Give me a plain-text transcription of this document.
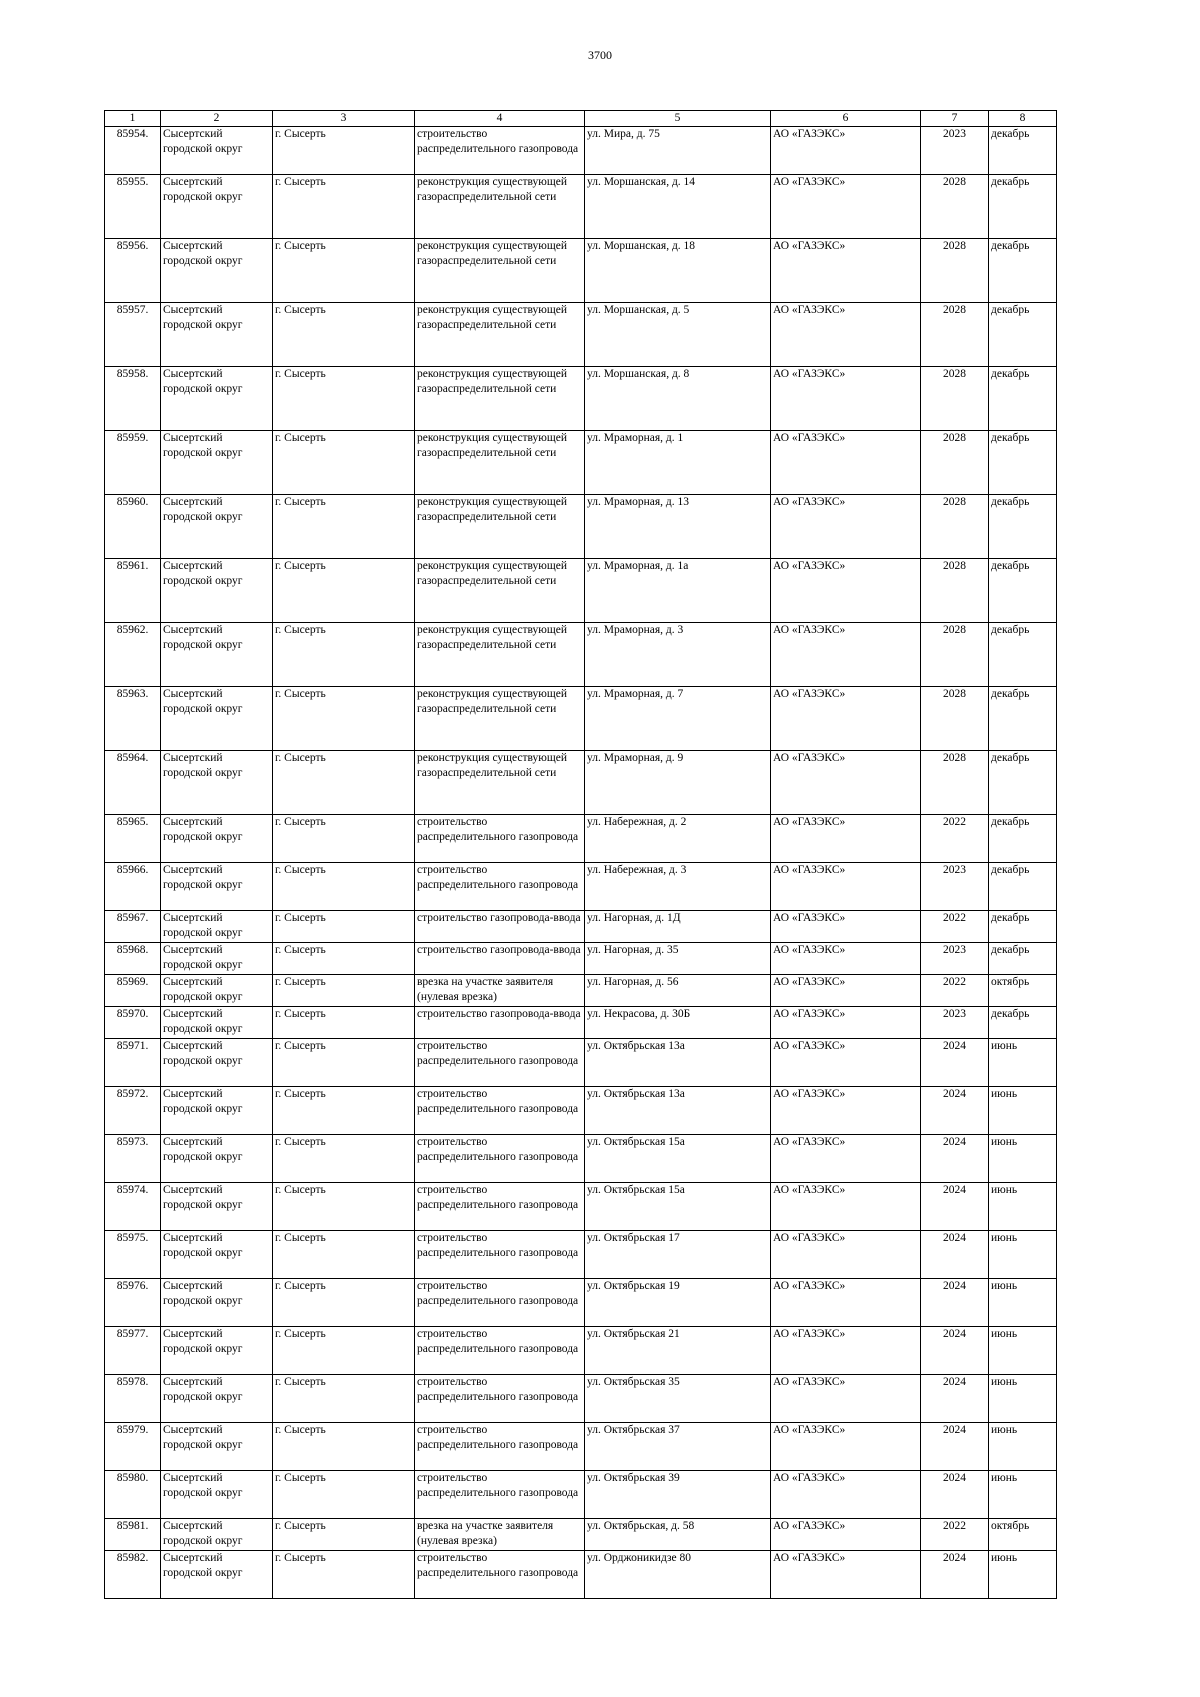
3700
1	2	3	4	5	6	7	8
85954.	Сысертский городской округ	г. Сысерть	строительство распределительного газопровода	ул. Мира, д. 75	АО «ГАЗЭКС»	2023	декабрь
85955.	Сысертский городской округ	г. Сысерть	реконструкция существующей газораспределительной сети	ул. Моршанская, д. 14	АО «ГАЗЭКС»	2028	декабрь
85956.	Сысертский городской округ	г. Сысерть	реконструкция существующей газораспределительной сети	ул. Моршанская, д. 18	АО «ГАЗЭКС»	2028	декабрь
85957.	Сысертский городской округ	г. Сысерть	реконструкция существующей газораспределительной сети	ул. Моршанская, д. 5	АО «ГАЗЭКС»	2028	декабрь
85958.	Сысертский городской округ	г. Сысерть	реконструкция существующей газораспределительной сети	ул. Моршанская, д. 8	АО «ГАЗЭКС»	2028	декабрь
85959.	Сысертский городской округ	г. Сысерть	реконструкция существующей газораспределительной сети	ул. Мраморная, д. 1	АО «ГАЗЭКС»	2028	декабрь
85960.	Сысертский городской округ	г. Сысерть	реконструкция существующей газораспределительной сети	ул. Мраморная, д. 13	АО «ГАЗЭКС»	2028	декабрь
85961.	Сысертский городской округ	г. Сысерть	реконструкция существующей газораспределительной сети	ул. Мраморная, д. 1а	АО «ГАЗЭКС»	2028	декабрь
85962.	Сысертский городской округ	г. Сысерть	реконструкция существующей газораспределительной сети	ул. Мраморная, д. 3	АО «ГАЗЭКС»	2028	декабрь
85963.	Сысертский городской округ	г. Сысерть	реконструкция существующей газораспределительной сети	ул. Мраморная, д. 7	АО «ГАЗЭКС»	2028	декабрь
85964.	Сысертский городской округ	г. Сысерть	реконструкция существующей газораспределительной сети	ул. Мраморная, д. 9	АО «ГАЗЭКС»	2028	декабрь
85965.	Сысертский городской округ	г. Сысерть	строительство распределительного газопровода	ул. Набережная, д. 2	АО «ГАЗЭКС»	2022	декабрь
85966.	Сысертский городской округ	г. Сысерть	строительство распределительного газопровода	ул. Набережная, д. 3	АО «ГАЗЭКС»	2023	декабрь
85967.	Сысертский городской округ	г. Сысерть	строительство газопровода-ввода	ул. Нагорная, д. 1Д	АО «ГАЗЭКС»	2022	декабрь
85968.	Сысертский городской округ	г. Сысерть	строительство газопровода-ввода	ул. Нагорная, д. 35	АО «ГАЗЭКС»	2023	декабрь
85969.	Сысертский городской округ	г. Сысерть	врезка на участке заявителя (нулевая врезка)	ул. Нагорная, д. 56	АО «ГАЗЭКС»	2022	октябрь
85970.	Сысертский городской округ	г. Сысерть	строительство газопровода-ввода	ул. Некрасова, д. 30Б	АО «ГАЗЭКС»	2023	декабрь
85971.	Сысертский городской округ	г. Сысерть	строительство распределительного газопровода	ул. Октябрьская 13а	АО «ГАЗЭКС»	2024	июнь
85972.	Сысертский городской округ	г. Сысерть	строительство распределительного газопровода	ул. Октябрьская 13а	АО «ГАЗЭКС»	2024	июнь
85973.	Сысертский городской округ	г. Сысерть	строительство распределительного газопровода	ул. Октябрьская 15а	АО «ГАЗЭКС»	2024	июнь
85974.	Сысертский городской округ	г. Сысерть	строительство распределительного газопровода	ул. Октябрьская 15а	АО «ГАЗЭКС»	2024	июнь
85975.	Сысертский городской округ	г. Сысерть	строительство распределительного газопровода	ул. Октябрьская 17	АО «ГАЗЭКС»	2024	июнь
85976.	Сысертский городской округ	г. Сысерть	строительство распределительного газопровода	ул. Октябрьская 19	АО «ГАЗЭКС»	2024	июнь
85977.	Сысертский городской округ	г. Сысерть	строительство распределительного газопровода	ул. Октябрьская 21	АО «ГАЗЭКС»	2024	июнь
85978.	Сысертский городской округ	г. Сысерть	строительство распределительного газопровода	ул. Октябрьская 35	АО «ГАЗЭКС»	2024	июнь
85979.	Сысертский городской округ	г. Сысерть	строительство распределительного газопровода	ул. Октябрьская 37	АО «ГАЗЭКС»	2024	июнь
85980.	Сысертский городской округ	г. Сысерть	строительство распределительного газопровода	ул. Октябрьская 39	АО «ГАЗЭКС»	2024	июнь
85981.	Сысертский городской округ	г. Сысерть	врезка на участке заявителя (нулевая врезка)	ул. Октябрьская, д. 58	АО «ГАЗЭКС»	2022	октябрь
85982.	Сысертский городской округ	г. Сысерть	строительство распределительного газопровода	ул. Орджоникидзе 80	АО «ГАЗЭКС»	2024	июнь
